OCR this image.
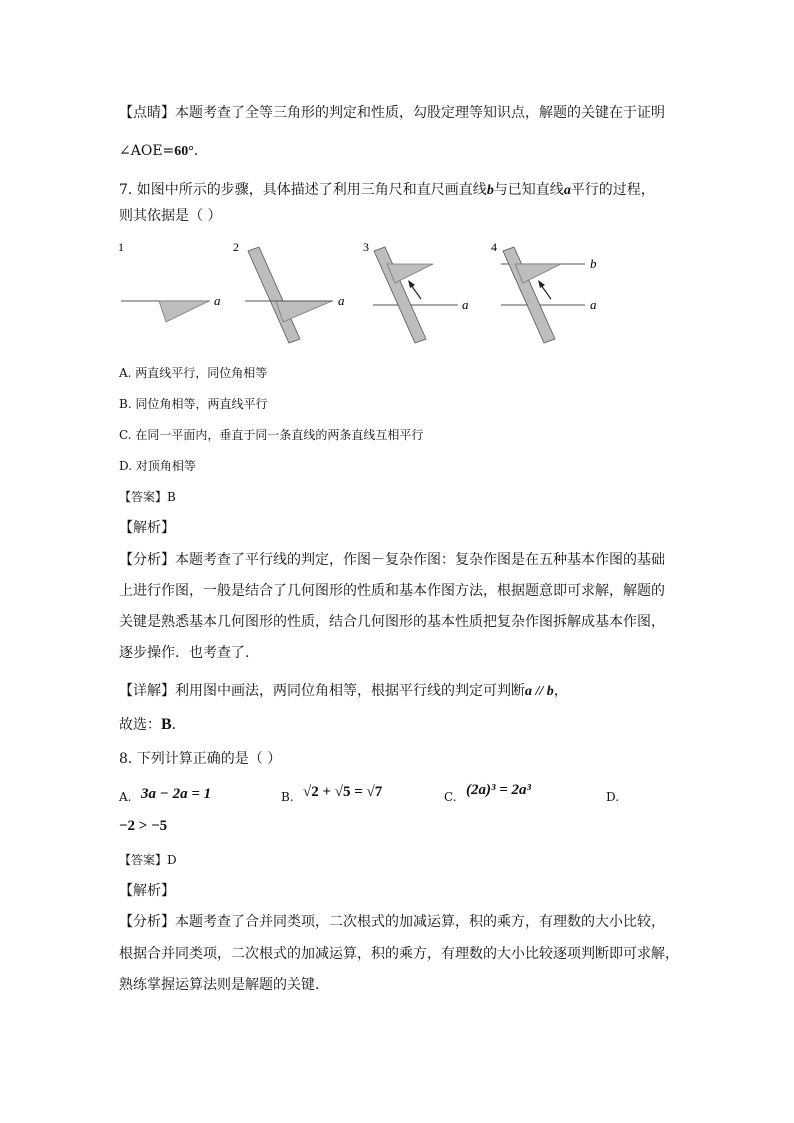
【点睛】本题考查了全等三角形的判定和性质，勾股定理等知识点，解题的关键在于证明
∠AOE=60°.
7. 如图中所示的步骤，具体描述了利用三角尺和直尺画直线b与已知直线a平行的过程，
则其依据是（ ）
1
a
2
a
3
a
4
b
a
A. 两直线平行，同位角相等
B. 同位角相等，两直线平行
C. 在同一平面内，垂直于同一条直线的两条直线互相平行
D. 对顶角相等
【答案】B
【解析】
【分析】本题考查了平行线的判定，作图－复杂作图：复杂作图是在五种基本作图的基础
上进行作图，一般是结合了几何图形的性质和基本作图方法，根据题意即可求解，解题的
关键是熟悉基本几何图形的性质，结合几何图形的基本性质把复杂作图拆解成基本作图，
逐步操作．也考查了.
【详解】利用图中画法，两同位角相等，根据平行线的判定可判断a // b，
故选：B．
8. 下列计算正确的是（ ）
A. 3a − 2a = 1	B. √2 + √5 = √7	C. (2a)³ = 2a³	D.
−2 > −5
【答案】D
【解析】
【分析】本题考查了合并同类项，二次根式的加减运算，积的乘方，有理数的大小比较，
根据合并同类项，二次根式的加减运算，积的乘方，有理数的大小比较逐项判断即可求解，
熟练掌握运算法则是解题的关键．
